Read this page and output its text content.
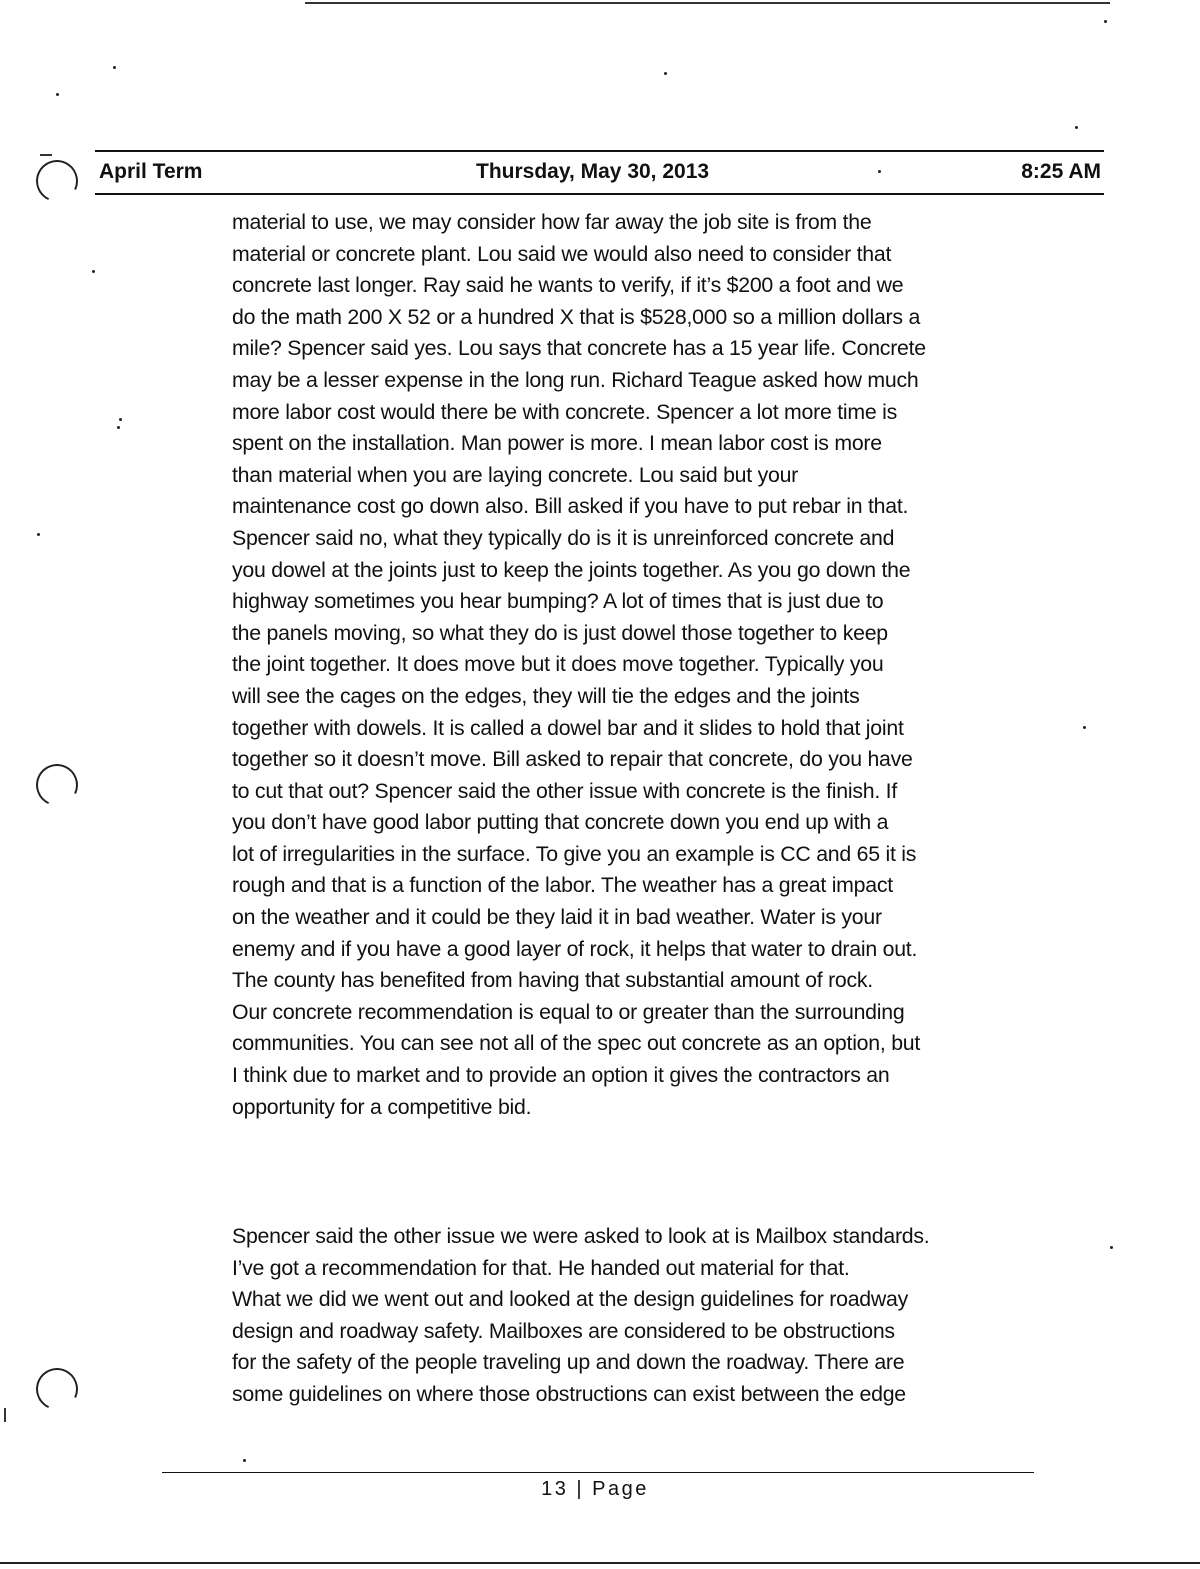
April Term	Thursday, May 30, 2013	8:25 AM

material to use, we may consider how far away the job site is from the
material or concrete plant. Lou said we would also need to consider that
concrete last longer. Ray said he wants to verify, if it’s $200 a foot and we
do the math 200 X 52 or a hundred X that is $528,000 so a million dollars a
mile? Spencer said yes. Lou says that concrete has a 15 year life. Concrete
may be a lesser expense in the long run. Richard Teague asked how much
more labor cost would there be with concrete. Spencer a lot more time is
spent on the installation. Man power is more. I mean labor cost is more
than material when you are laying concrete. Lou said but your
maintenance cost go down also. Bill asked if you have to put rebar in that.
Spencer said no, what they typically do is it is unreinforced concrete and
you dowel at the joints just to keep the joints together. As you go down the
highway sometimes you hear bumping? A lot of times that is just due to
the panels moving, so what they do is just dowel those together to keep
the joint together. It does move but it does move together. Typically you
will see the cages on the edges, they will tie the edges and the joints
together with dowels. It is called a dowel bar and it slides to hold that joint
together so it doesn’t move. Bill asked to repair that concrete, do you have
to cut that out? Spencer said the other issue with concrete is the finish. If
you don’t have good labor putting that concrete down you end up with a
lot of irregularities in the surface. To give you an example is CC and 65 it is
rough and that is a function of the labor. The weather has a great impact
on the weather and it could be they laid it in bad weather. Water is your
enemy and if you have a good layer of rock, it helps that water to drain out.
The county has benefited from having that substantial amount of rock.
Our concrete recommendation is equal to or greater than the surrounding
communities. You can see not all of the spec out concrete as an option, but
I think due to market and to provide an option it gives the contractors an
opportunity for a competitive bid.

Spencer said the other issue we were asked to look at is Mailbox standards.
I’ve got a recommendation for that. He handed out material for that.
What we did we went out and looked at the design guidelines for roadway
design and roadway safety. Mailboxes are considered to be obstructions
for the safety of the people traveling up and down the roadway. There are
some guidelines on where those obstructions can exist between the edge

13 | Page
